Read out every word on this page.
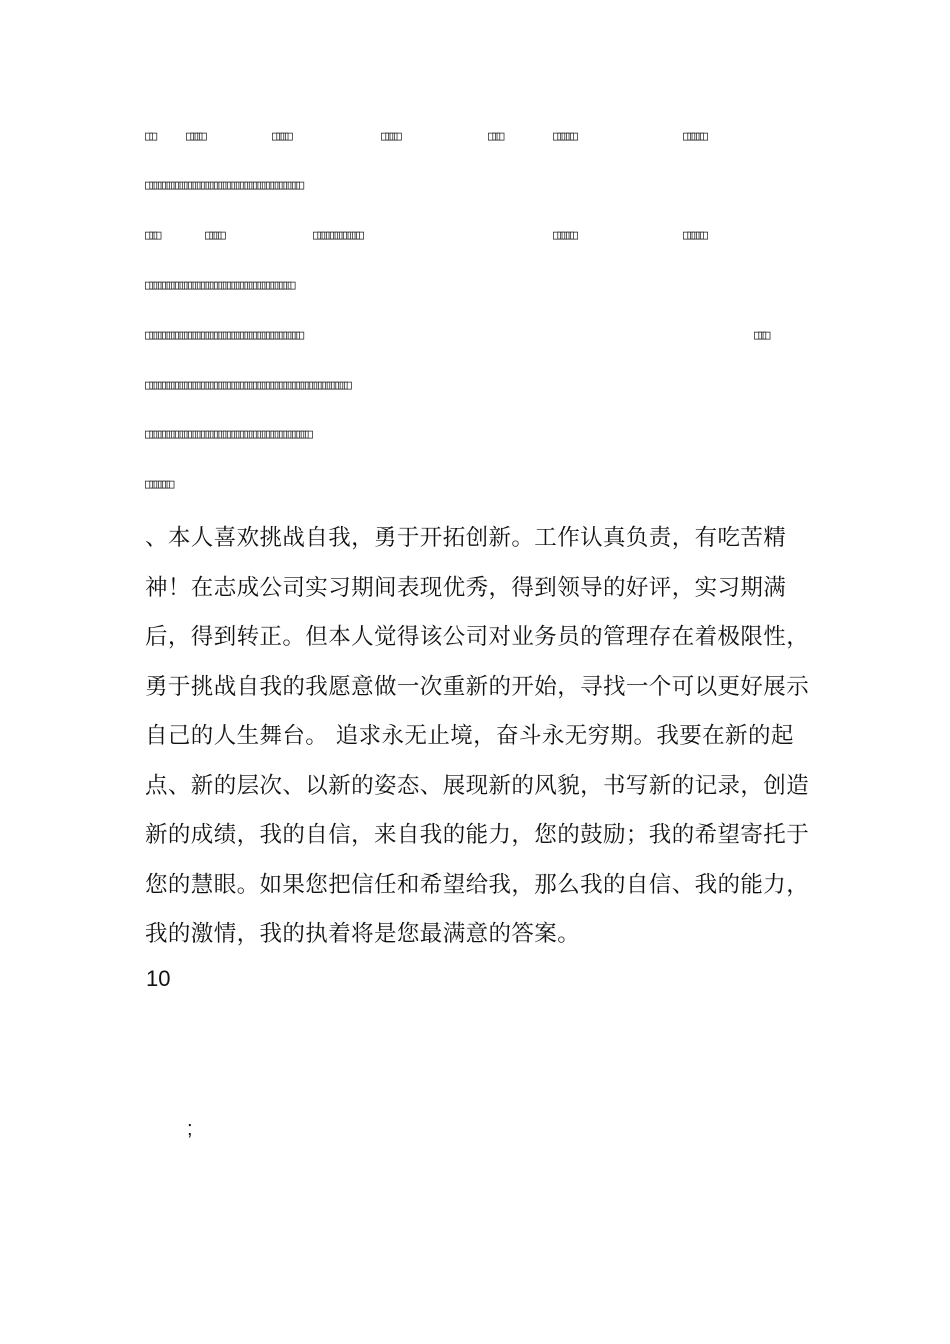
□□ □□□□	□□□□	□□□□	□□□	□□□□□	□□□□□
□□□□□□□□□□□□□□□□□□□□□□□□□□□□□□□□□□□□
□□□	□□□□	□□□□□□□□□□□	□□□□□	□□□□□
□□□□□□□□□□□□□□□□□□□□□□□□□□□□□□□□□□
□□□□□□□□□□□□□□□□□□□□□□□□□□□□□□□□□□□□	□□□
□□□□□□□□□□□□□□□□□□□□□□□□□□□□□□□□□□□□□□□□□□□□□□□
□□□□□□□□□□□□□□□□□□□□□□□□□□□□□□□□□□□□□□
□□□□□□
、本人喜欢挑战自我，勇于开拓创新。工作认真负责，有吃苦精神！在志成公司实习期间表现优秀，得到领导的好评，实习期满后，得到转正。但本人觉得该公司对业务员的管理存在着极限性，勇于挑战自我的我愿意做一次重新的开始，寻找一个可以更好展示自己的人生舞台。 追求永无止境，奋斗永无穷期。我要在新的起点、新的层次、以新的姿态、展现新的风貌，书写新的记录，创造新的成绩，我的自信，来自我的能力，您的鼓励；我的希望寄托于您的慧眼。如果您把信任和希望给我，那么我的自信、我的能力，我的激情，我的执着将是您最满意的答案。
10
;
